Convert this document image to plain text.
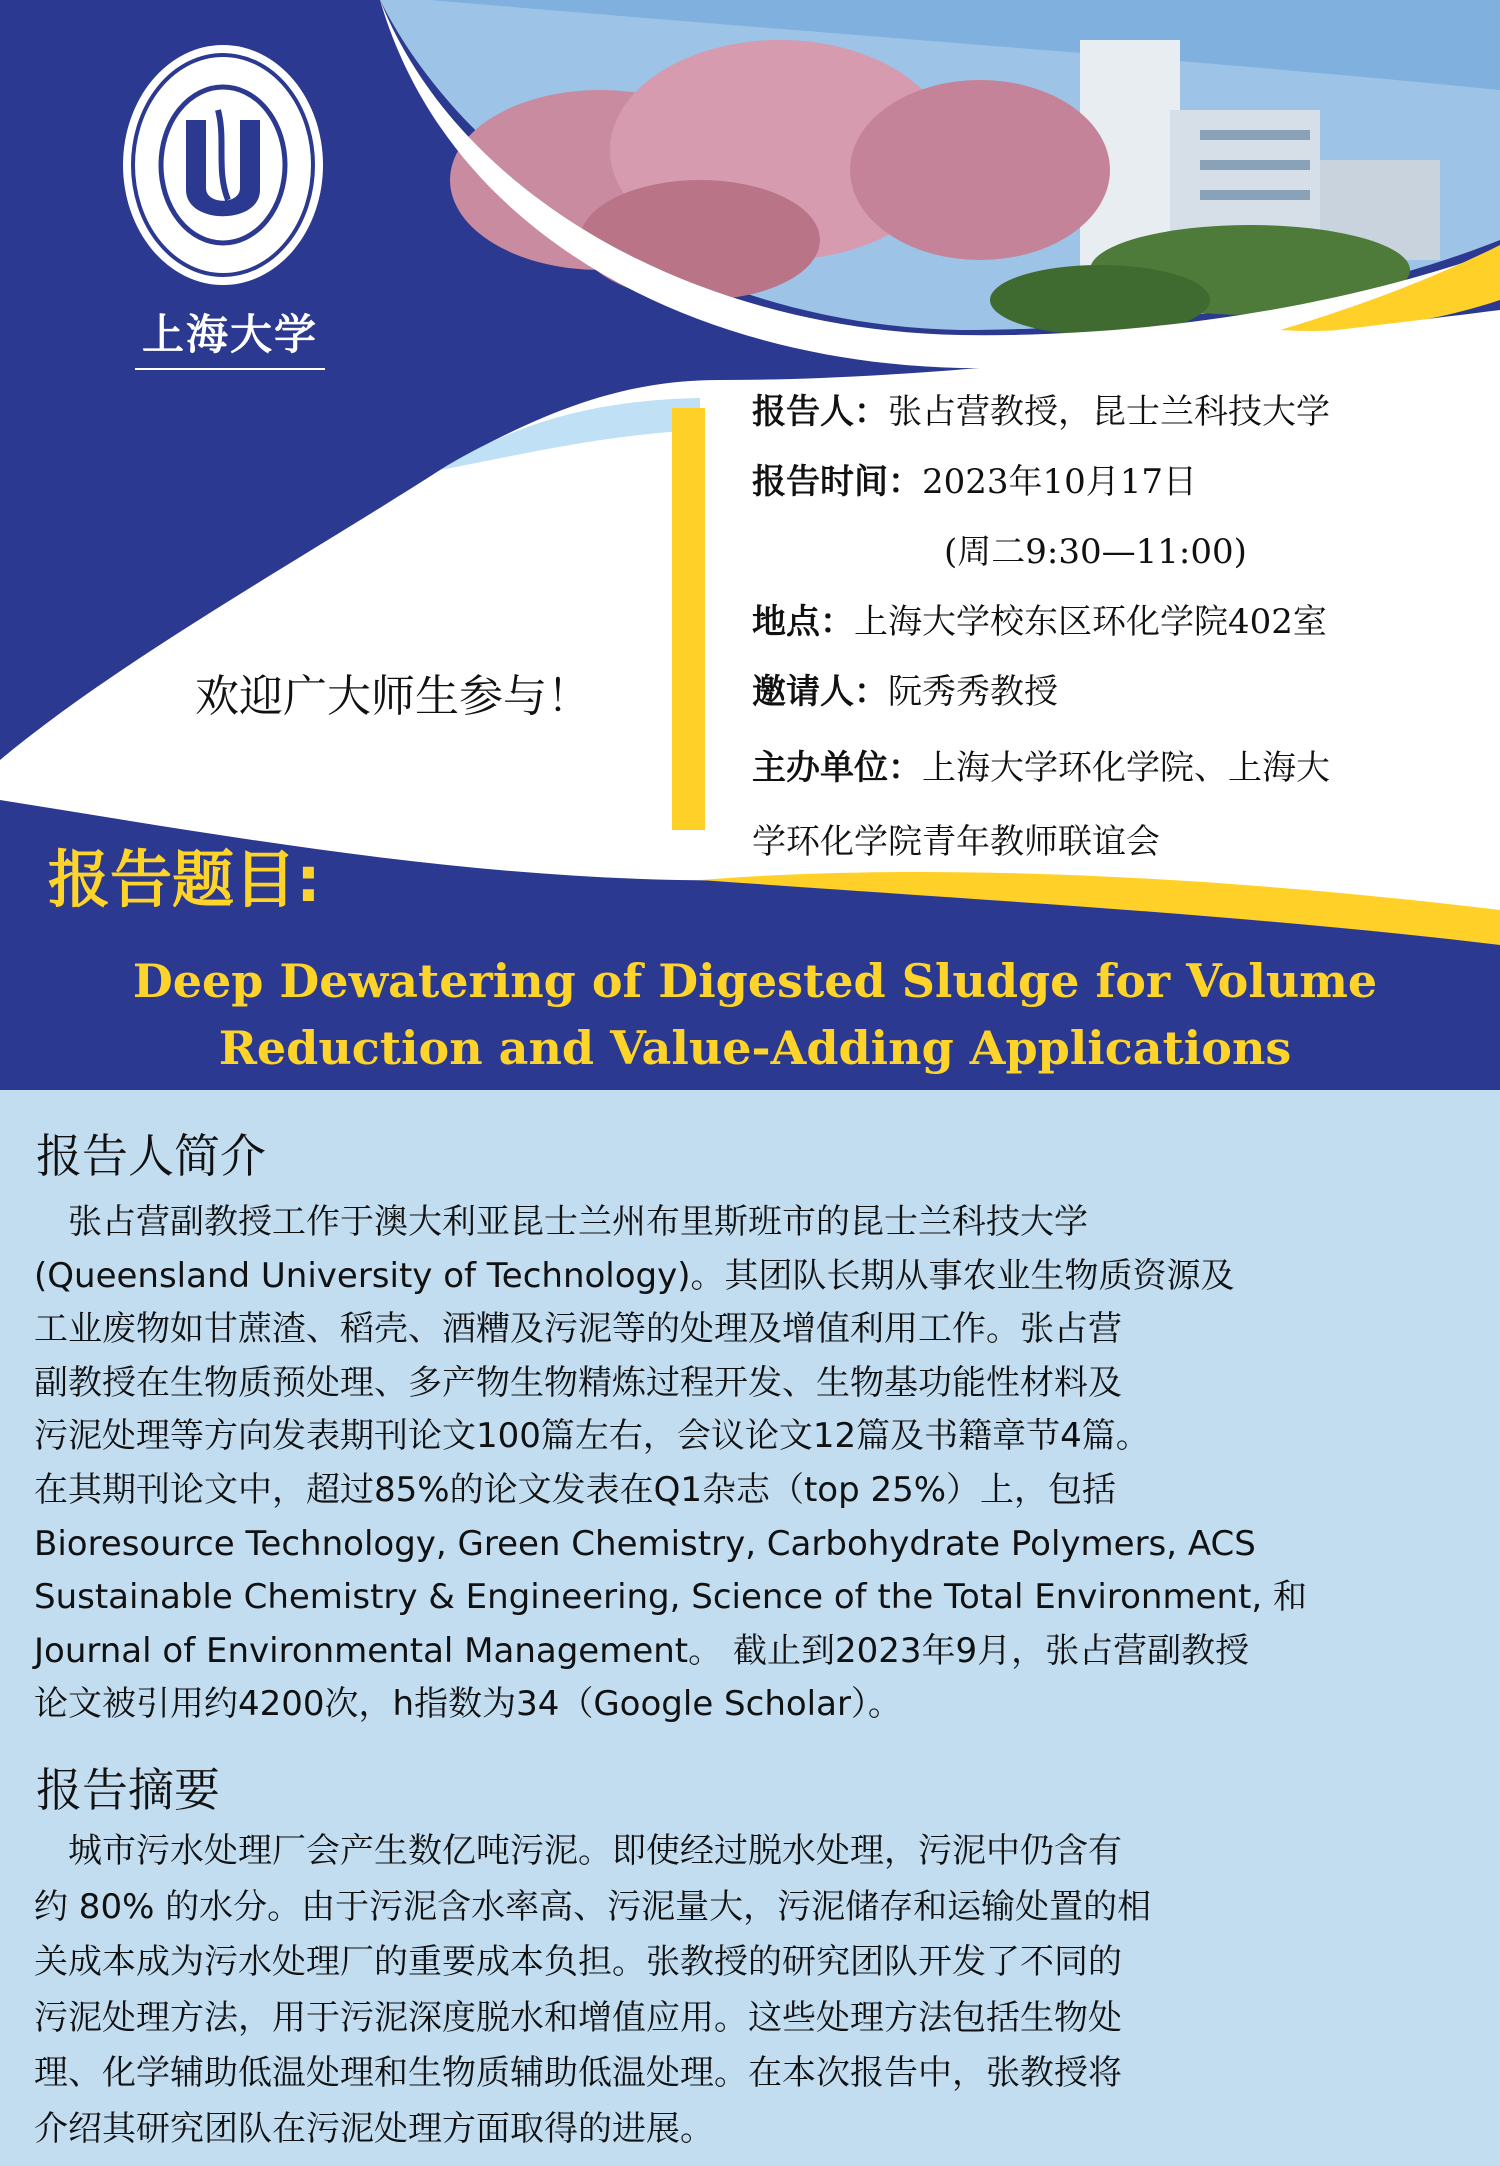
上海大学
报告人：张占营教授，昆士兰科技大学
报告时间：2023年10月17日
(周二9:30—11:00)
地点：上海大学校东区环化学院402室
邀请人：阮秀秀教授
主办单位：上海大学环化学院、上海大
学环化学院青年教师联谊会
欢迎广大师生参与！
报告题目:
Deep Dewatering of Digested Sludge for Volume
Reduction and Value-Adding Applications
报告人简介
　张占营副教授工作于澳大利亚昆士兰州布里斯班市的昆士兰科技大学
(Queensland University of Technology)。其团队长期从事农业生物质资源及
工业废物如甘蔗渣、稻壳、酒糟及污泥等的处理及增值利用工作。张占营
副教授在生物质预处理、多产物生物精炼过程开发、生物基功能性材料及
污泥处理等方向发表期刊论文100篇左右，会议论文12篇及书籍章节4篇。
在其期刊论文中，超过85%的论文发表在Q1杂志（top 25%）上，包括
Bioresource Technology, Green Chemistry, Carbohydrate Polymers, ACS
Sustainable Chemistry & Engineering, Science of the Total Environment, 和
Journal of Environmental Management。 截止到2023年9月，张占营副教授
论文被引用约4200次，h指数为34（Google Scholar）。
报告摘要
　城市污水处理厂会产生数亿吨污泥。即使经过脱水处理，污泥中仍含有
约 80% 的水分。由于污泥含水率高、污泥量大，污泥储存和运输处置的相
关成本成为污水处理厂的重要成本负担。张教授的研究团队开发了不同的
污泥处理方法，用于污泥深度脱水和增值应用。这些处理方法包括生物处
理、化学辅助低温处理和生物质辅助低温处理。在本次报告中，张教授将
介绍其研究团队在污泥处理方面取得的进展。
